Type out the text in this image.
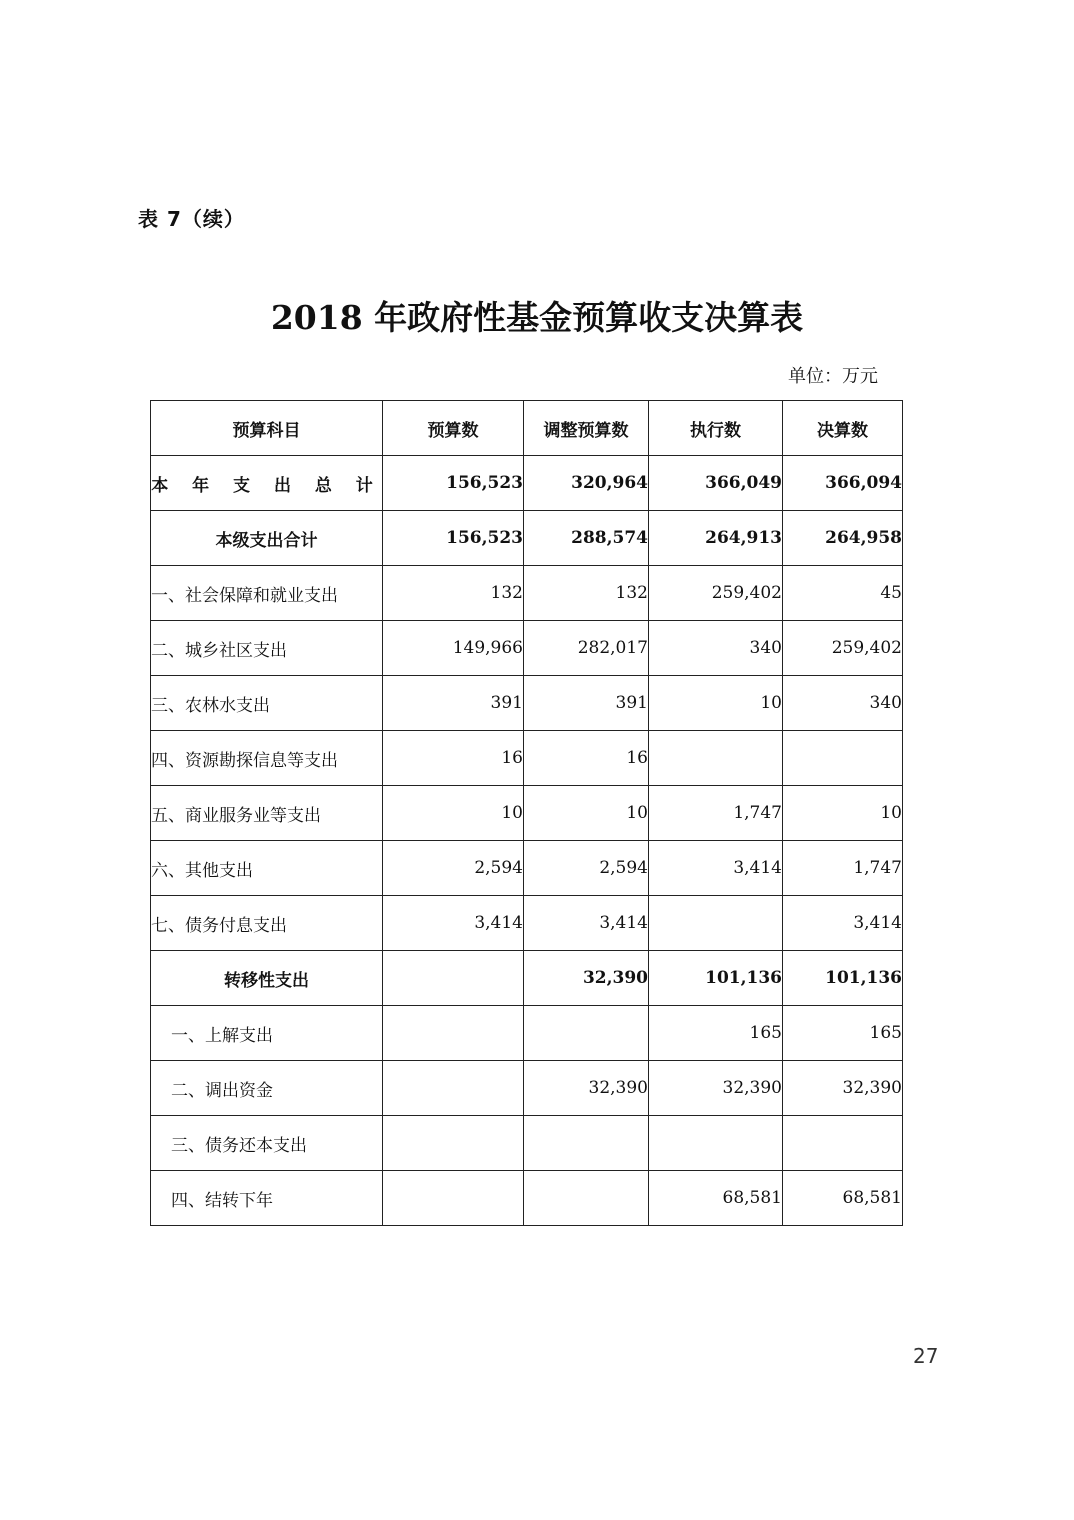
表 7（续）
2018 年政府性基金预算收支决算表
单位：万元
预算科目	预算数	调整预算数	执行数	决算数
本 年 支 出 总 计	156,523	320,964	366,049	366,094
本级支出合计	156,523	288,574	264,913	264,958
一、社会保障和就业支出	132	132	259,402	45
二、城乡社区支出	149,966	282,017	340	259,402
三、农林水支出	391	391	10	340
四、资源勘探信息等支出	16	16		
五、商业服务业等支出	10	10	1,747	10
六、其他支出	2,594	2,594	3,414	1,747
七、债务付息支出	3,414	3,414		3,414
转移性支出		32,390	101,136	101,136
一、上解支出			165	165
二、调出资金		32,390	32,390	32,390
三、债务还本支出				
四、结转下年			68,581	68,581
27
